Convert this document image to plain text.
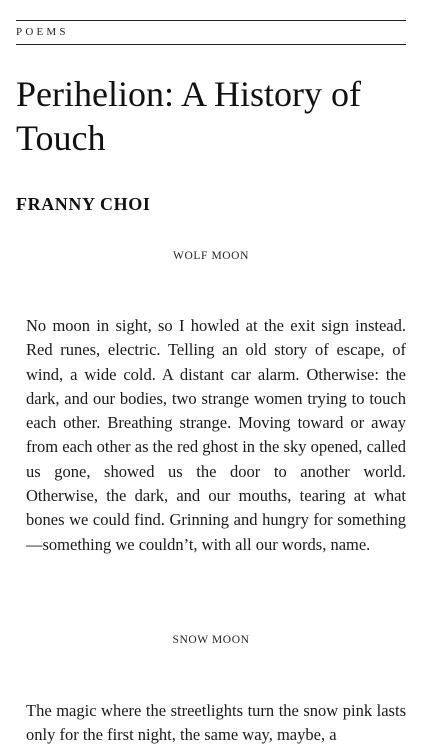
POEMS
Perihelion: A History of Touch
FRANNY CHOI
WOLF MOON

No moon in sight, so I howled at the exit sign instead. Red runes, electric. Telling an old story of escape, of wind, a wide cold. A distant car alarm. Otherwise: the dark, and our bodies, two strange women trying to touch each other. Breathing strange. Moving toward or away from each other as the red ghost in the sky opened, called us gone, showed us the door to another world. Otherwise, the dark, and our mouths, tearing at what bones we could find. Grinning and hungry for something—something we couldn’t, with all our words, name.

SNOW MOON

The magic where the streetlights turn the snow pink lasts only for the first night, the same way, maybe, a
